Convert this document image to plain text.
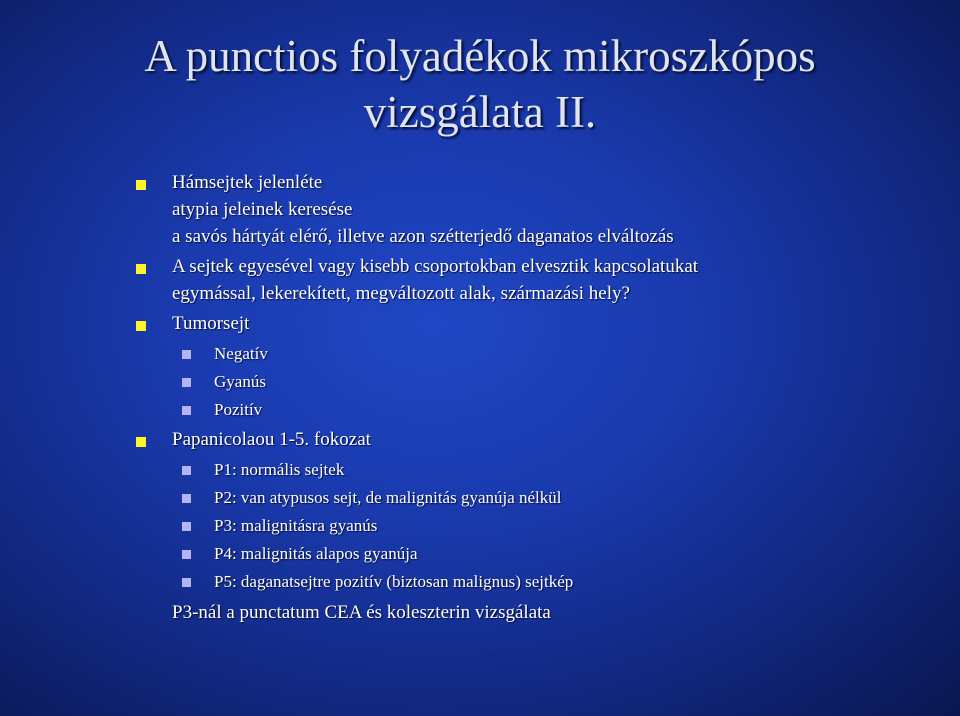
A punctios folyadékok mikroszkópos
vizsgálata II.
Hámsejtek jelenléte
atypia jeleinek keresése
a savós hártyát elérő, illetve azon szétterjedő daganatos elváltozás
A sejtek egyesével vagy kisebb csoportokban elvesztik kapcsolatukat
egymással, lekerekített, megváltozott alak, származási hely?
Tumorsejt
Negatív
Gyanús
Pozitív
Papanicolaou 1-5. fokozat
P1: normális sejtek
P2: van atypusos sejt, de malignitás gyanúja nélkül
P3: malignitásra gyanús
P4: malignitás alapos gyanúja
P5: daganatsejtre pozitív (biztosan malignus) sejtkép
P3-nál a punctatum CEA és koleszterin vizsgálata
